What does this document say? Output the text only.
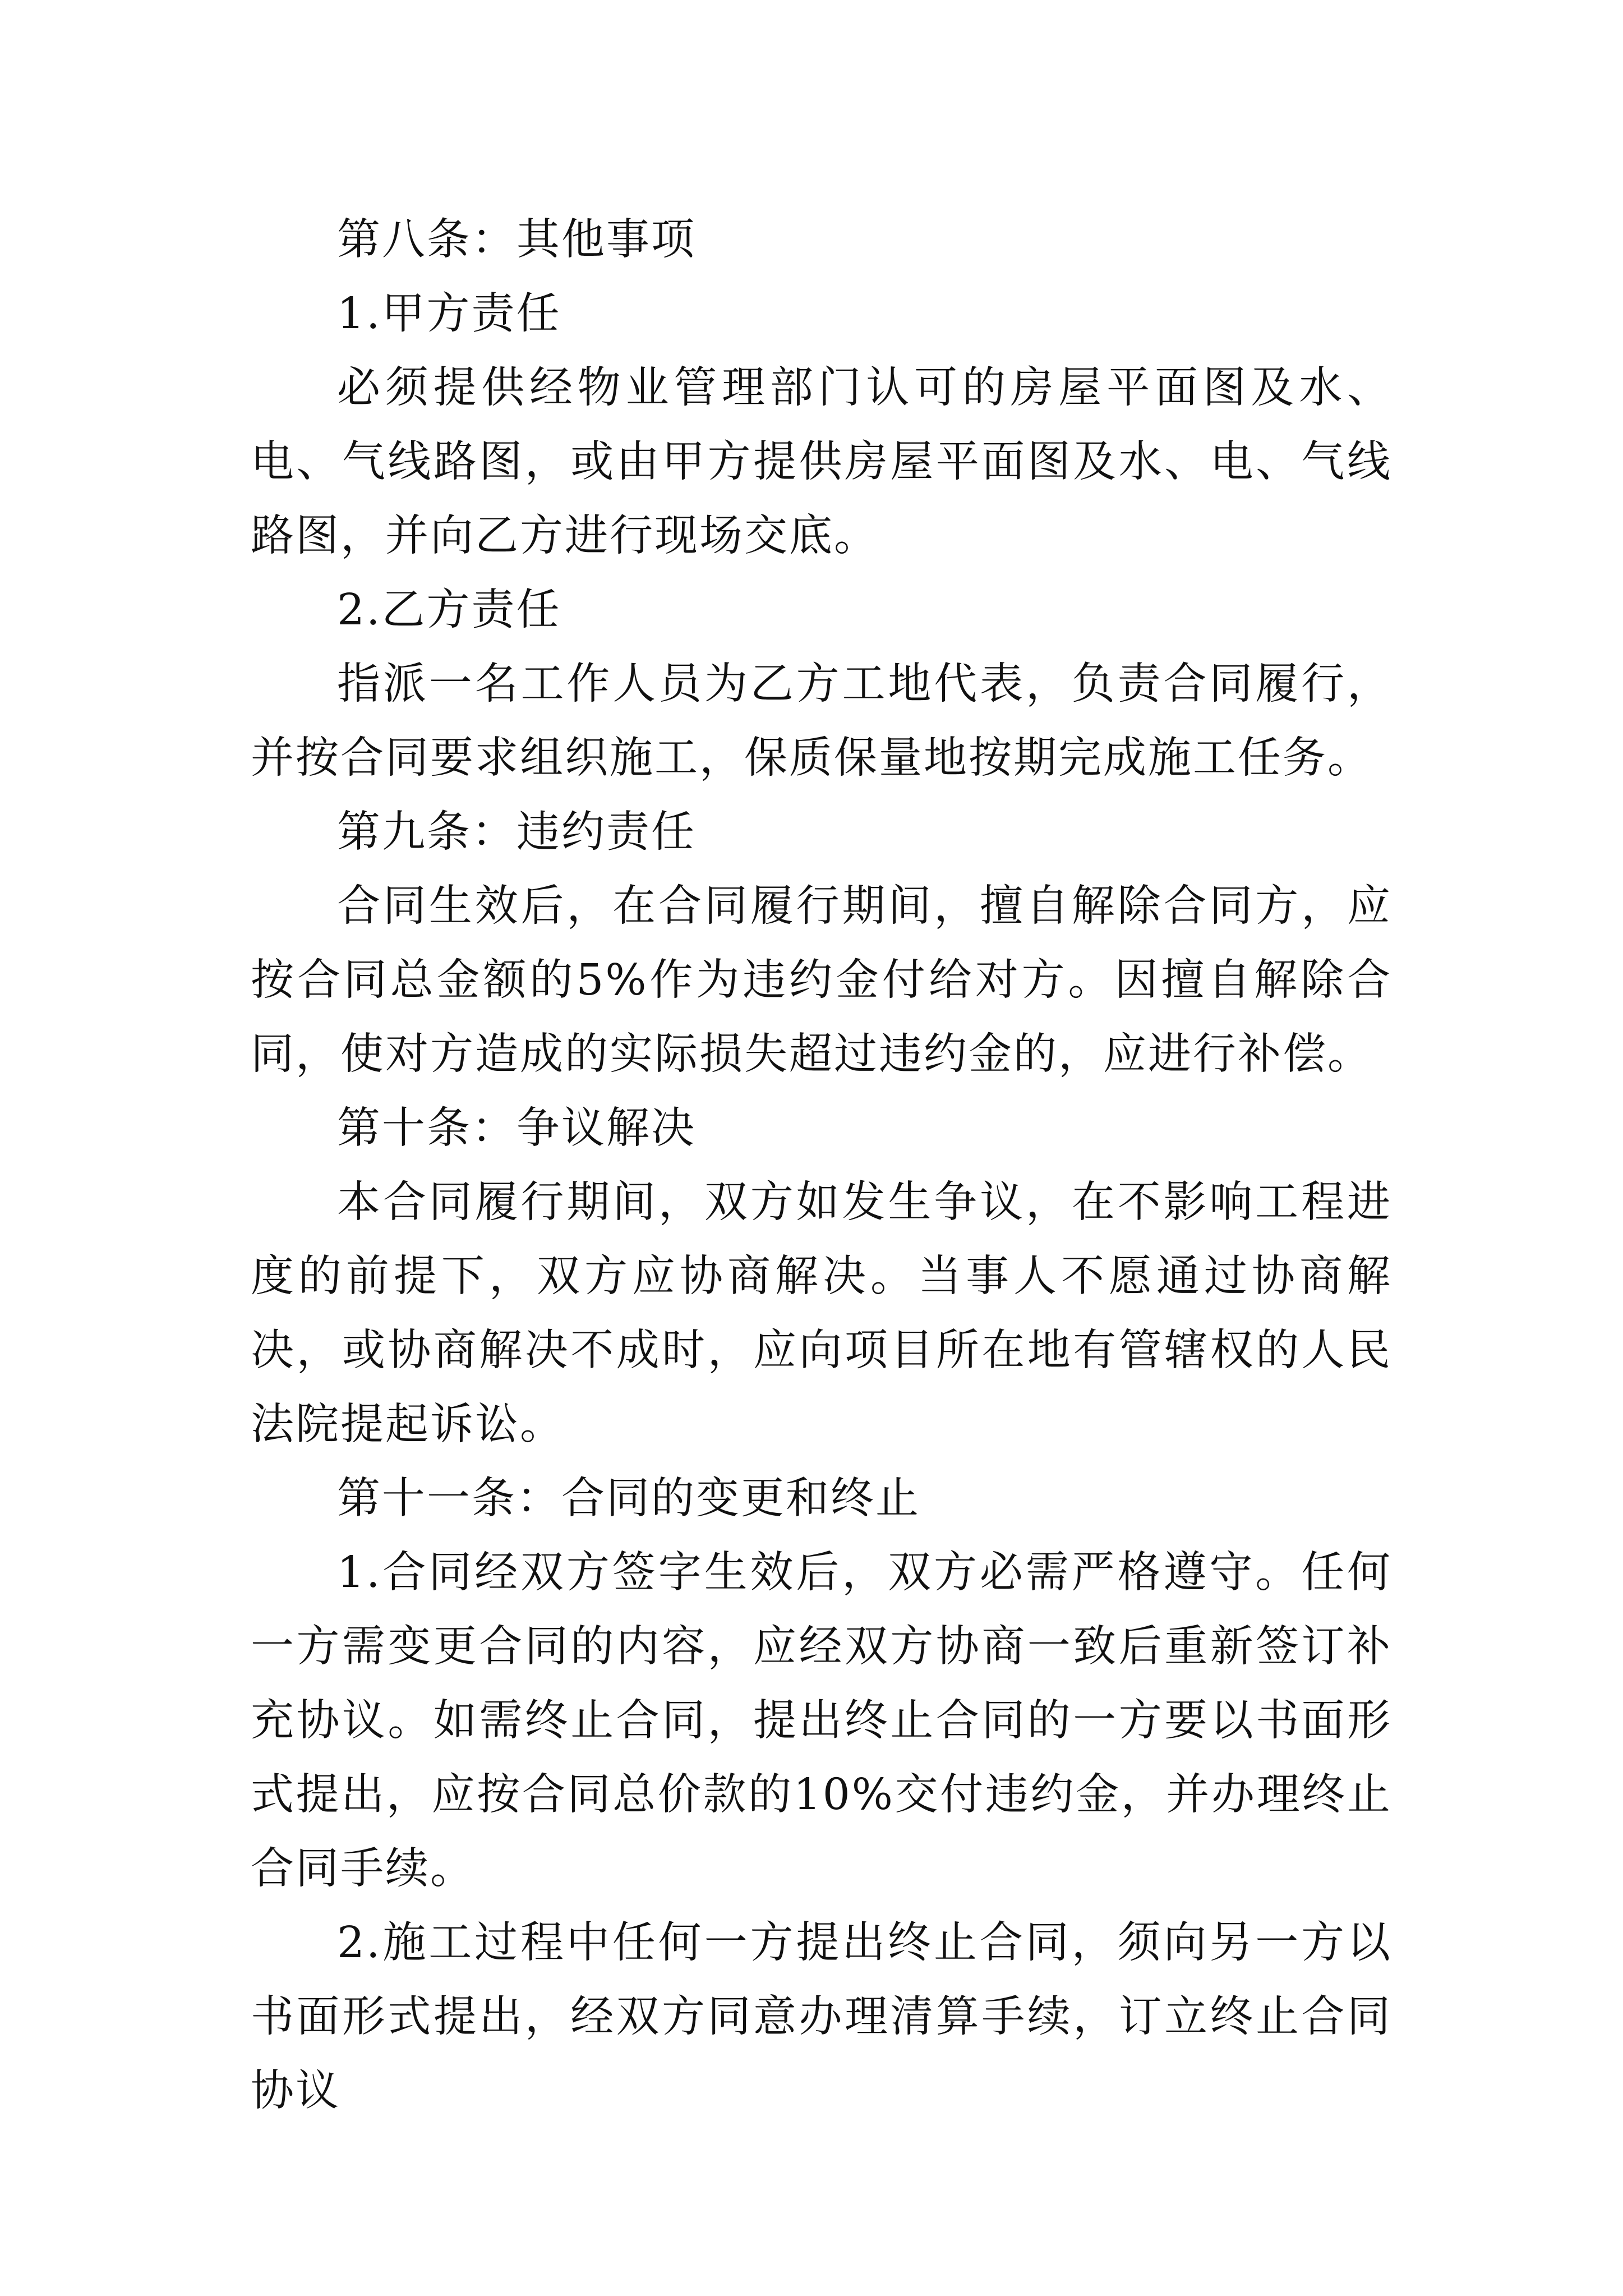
第八条：其他事项
1.甲方责任

必须提供经物业管理部门认可的房屋平面图及水、电、气线路图，或由甲方提供房屋平面图及水、电、气线路图，并向乙方进行现场交底。

2.乙方责任

指派一名工作人员为乙方工地代表，负责合同履行，并按合同要求组织施工，保质保量地按期完成施工任务。

第九条：违约责任

合同生效后，在合同履行期间，擅自解除合同方，应按合同总金额的5%作为违约金付给对方。因擅自解除合同，使对方造成的实际损失超过违约金的，应进行补偿。

第十条：争议解决

本合同履行期间，双方如发生争议，在不影响工程进度的前提下，双方应协商解决。当事人不愿通过协商解决，或协商解决不成时，应向项目所在地有管辖权的人民法院提起诉讼。

第十一条：合同的变更和终止

1.合同经双方签字生效后，双方必需严格遵守。任何一方需变更合同的内容，应经双方协商一致后重新签订补充协议。如需终止合同，提出终止合同的一方要以书面形式提出，应按合同总价款的10%交付违约金，并办理终止合同手续。

2.施工过程中任何一方提出终止合同，须向另一方以书面形式提出，经双方同意办理清算手续，订立终止合同协议
